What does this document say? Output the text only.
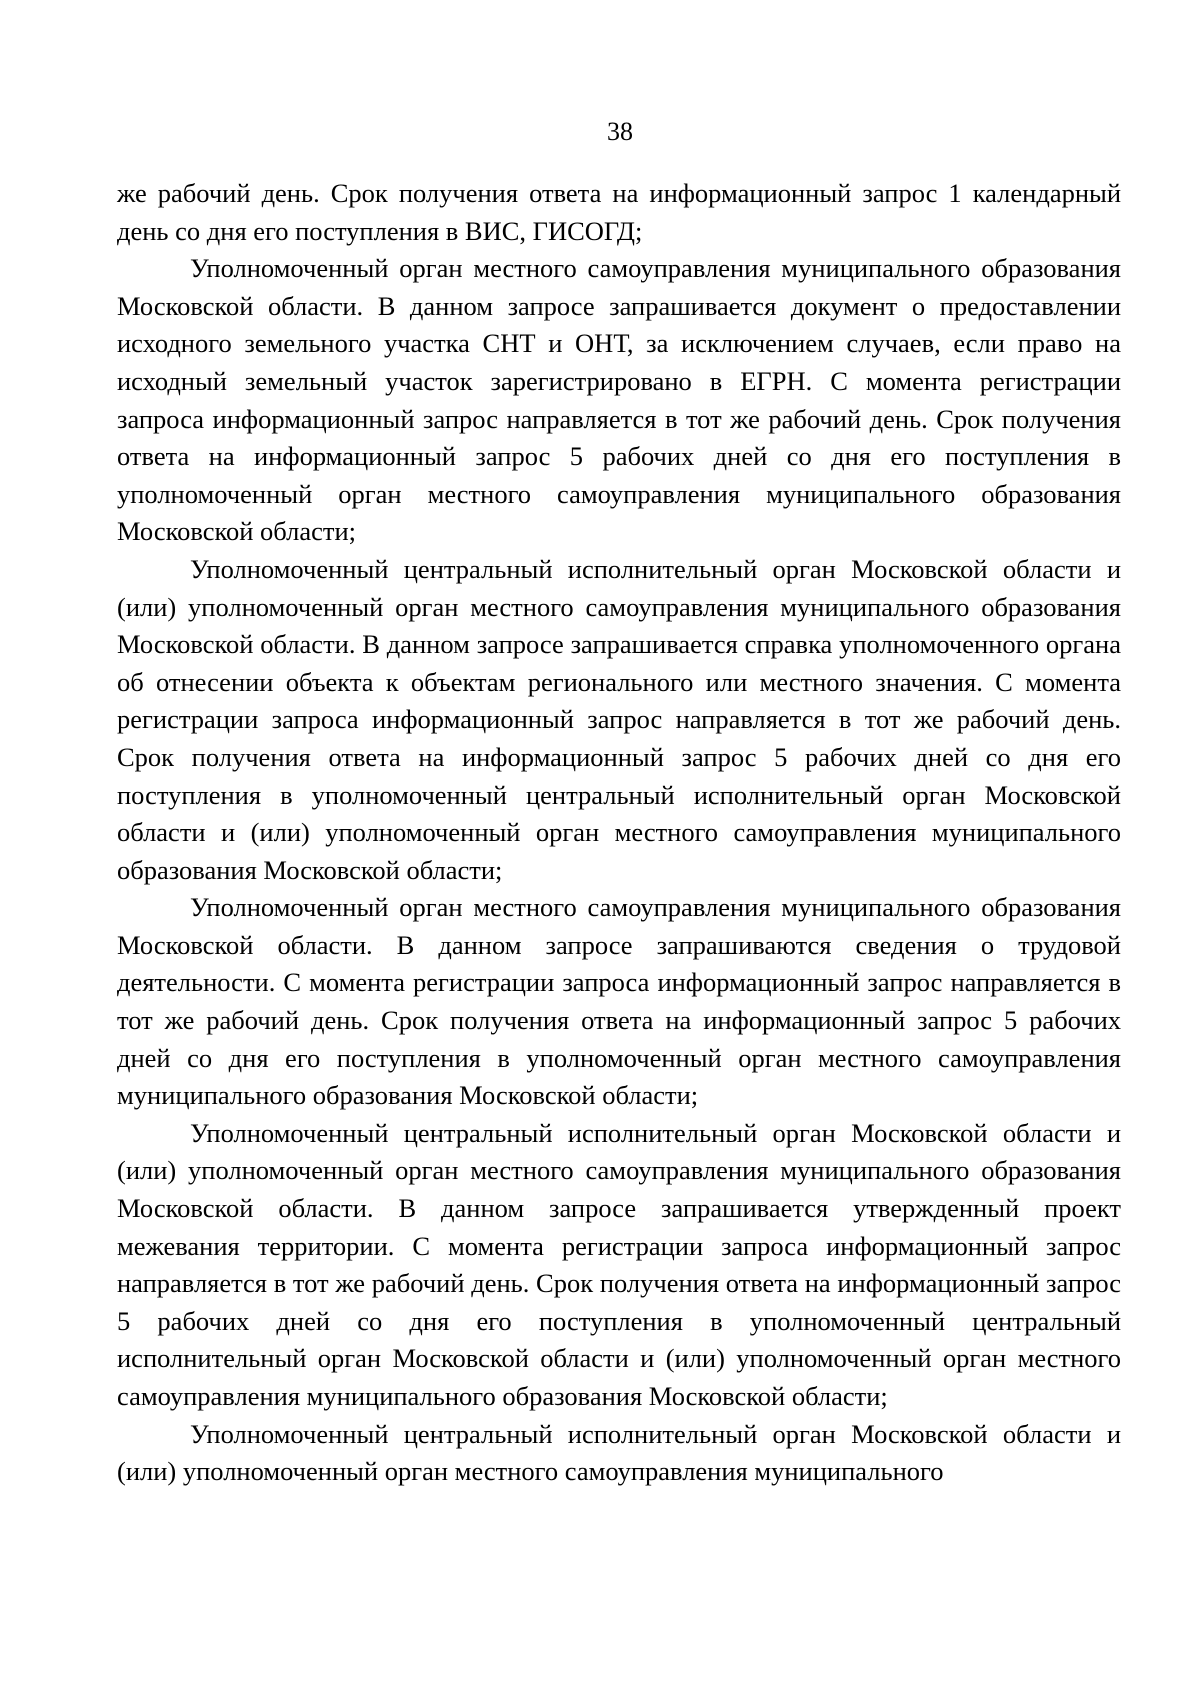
38

же рабочий день. Срок получения ответа на информационный запрос 1 календарный день со дня его поступления в ВИС, ГИСОГД;

Уполномоченный орган местного самоуправления муниципального образования Московской области. В данном запросе запрашивается документ о предоставлении исходного земельного участка СНТ и ОНТ, за исключением случаев, если право на исходный земельный участок зарегистрировано в ЕГРН. С момента регистрации запроса информационный запрос направляется в тот же рабочий день. Срок получения ответа на информационный запрос 5 рабочих дней со дня его поступления в уполномоченный орган местного самоуправления муниципального образования Московской области;

Уполномоченный центральный исполнительный орган Московской области и (или) уполномоченный орган местного самоуправления муниципального образования Московской области. В данном запросе запрашивается справка уполномоченного органа об отнесении объекта к объектам регионального или местного значения. С момента регистрации запроса информационный запрос направляется в тот же рабочий день. Срок получения ответа на информационный запрос 5 рабочих дней со дня его поступления в уполномоченный центральный исполнительный орган Московской области и (или) уполномоченный орган местного самоуправления муниципального образования Московской области;

Уполномоченный орган местного самоуправления муниципального образования Московской области. В данном запросе запрашиваются сведения о трудовой деятельности. С момента регистрации запроса информационный запрос направляется в тот же рабочий день. Срок получения ответа на информационный запрос 5 рабочих дней со дня его поступления в уполномоченный орган местного самоуправления муниципального образования Московской области;

Уполномоченный центральный исполнительный орган Московской области и (или) уполномоченный орган местного самоуправления муниципального образования Московской области. В данном запросе запрашивается утвержденный проект межевания территории. С момента регистрации запроса информационный запрос направляется в тот же рабочий день. Срок получения ответа на информационный запрос 5 рабочих дней со дня его поступления в уполномоченный центральный исполнительный орган Московской области и (или) уполномоченный орган местного самоуправления муниципального образования Московской области;

Уполномоченный центральный исполнительный орган Московской области и (или) уполномоченный орган местного самоуправления муниципального
